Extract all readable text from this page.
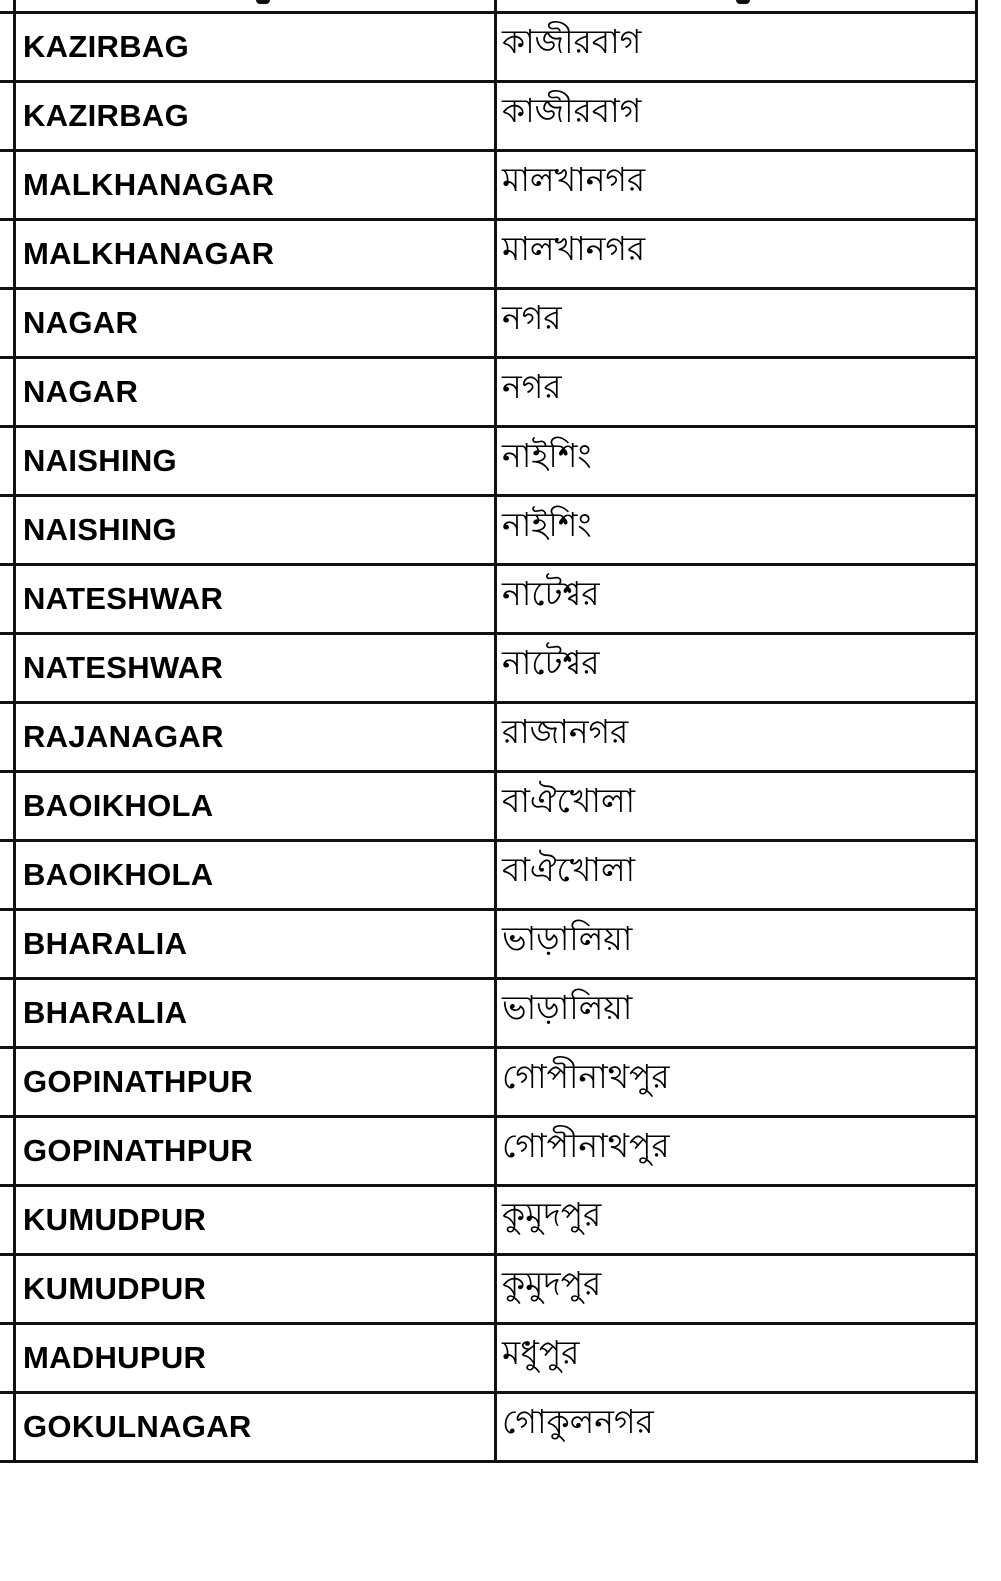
KAZIRBAG	কাজীরবাগ
KAZIRBAG	কাজীরবাগ
MALKHANAGAR	মালখানগর
MALKHANAGAR	মালখানগর
NAGAR	নগর
NAGAR	নগর
NAISHING	নাইশিং
NAISHING	নাইশিং
NATESHWAR	নাটেশ্বর
NATESHWAR	নাটেশ্বর
RAJANAGAR	রাজানগর
BAOIKHOLA	বাঐখোলা
BAOIKHOLA	বাঐখোলা
BHARALIA	ভাড়ালিয়া
BHARALIA	ভাড়ালিয়া
GOPINATHPUR	গোপীনাথপুর
GOPINATHPUR	গোপীনাথপুর
KUMUDPUR	কুমুদপুর
KUMUDPUR	কুমুদপুর
MADHUPUR	মধুপুর
GOKULNAGAR	গোকুলনগর
